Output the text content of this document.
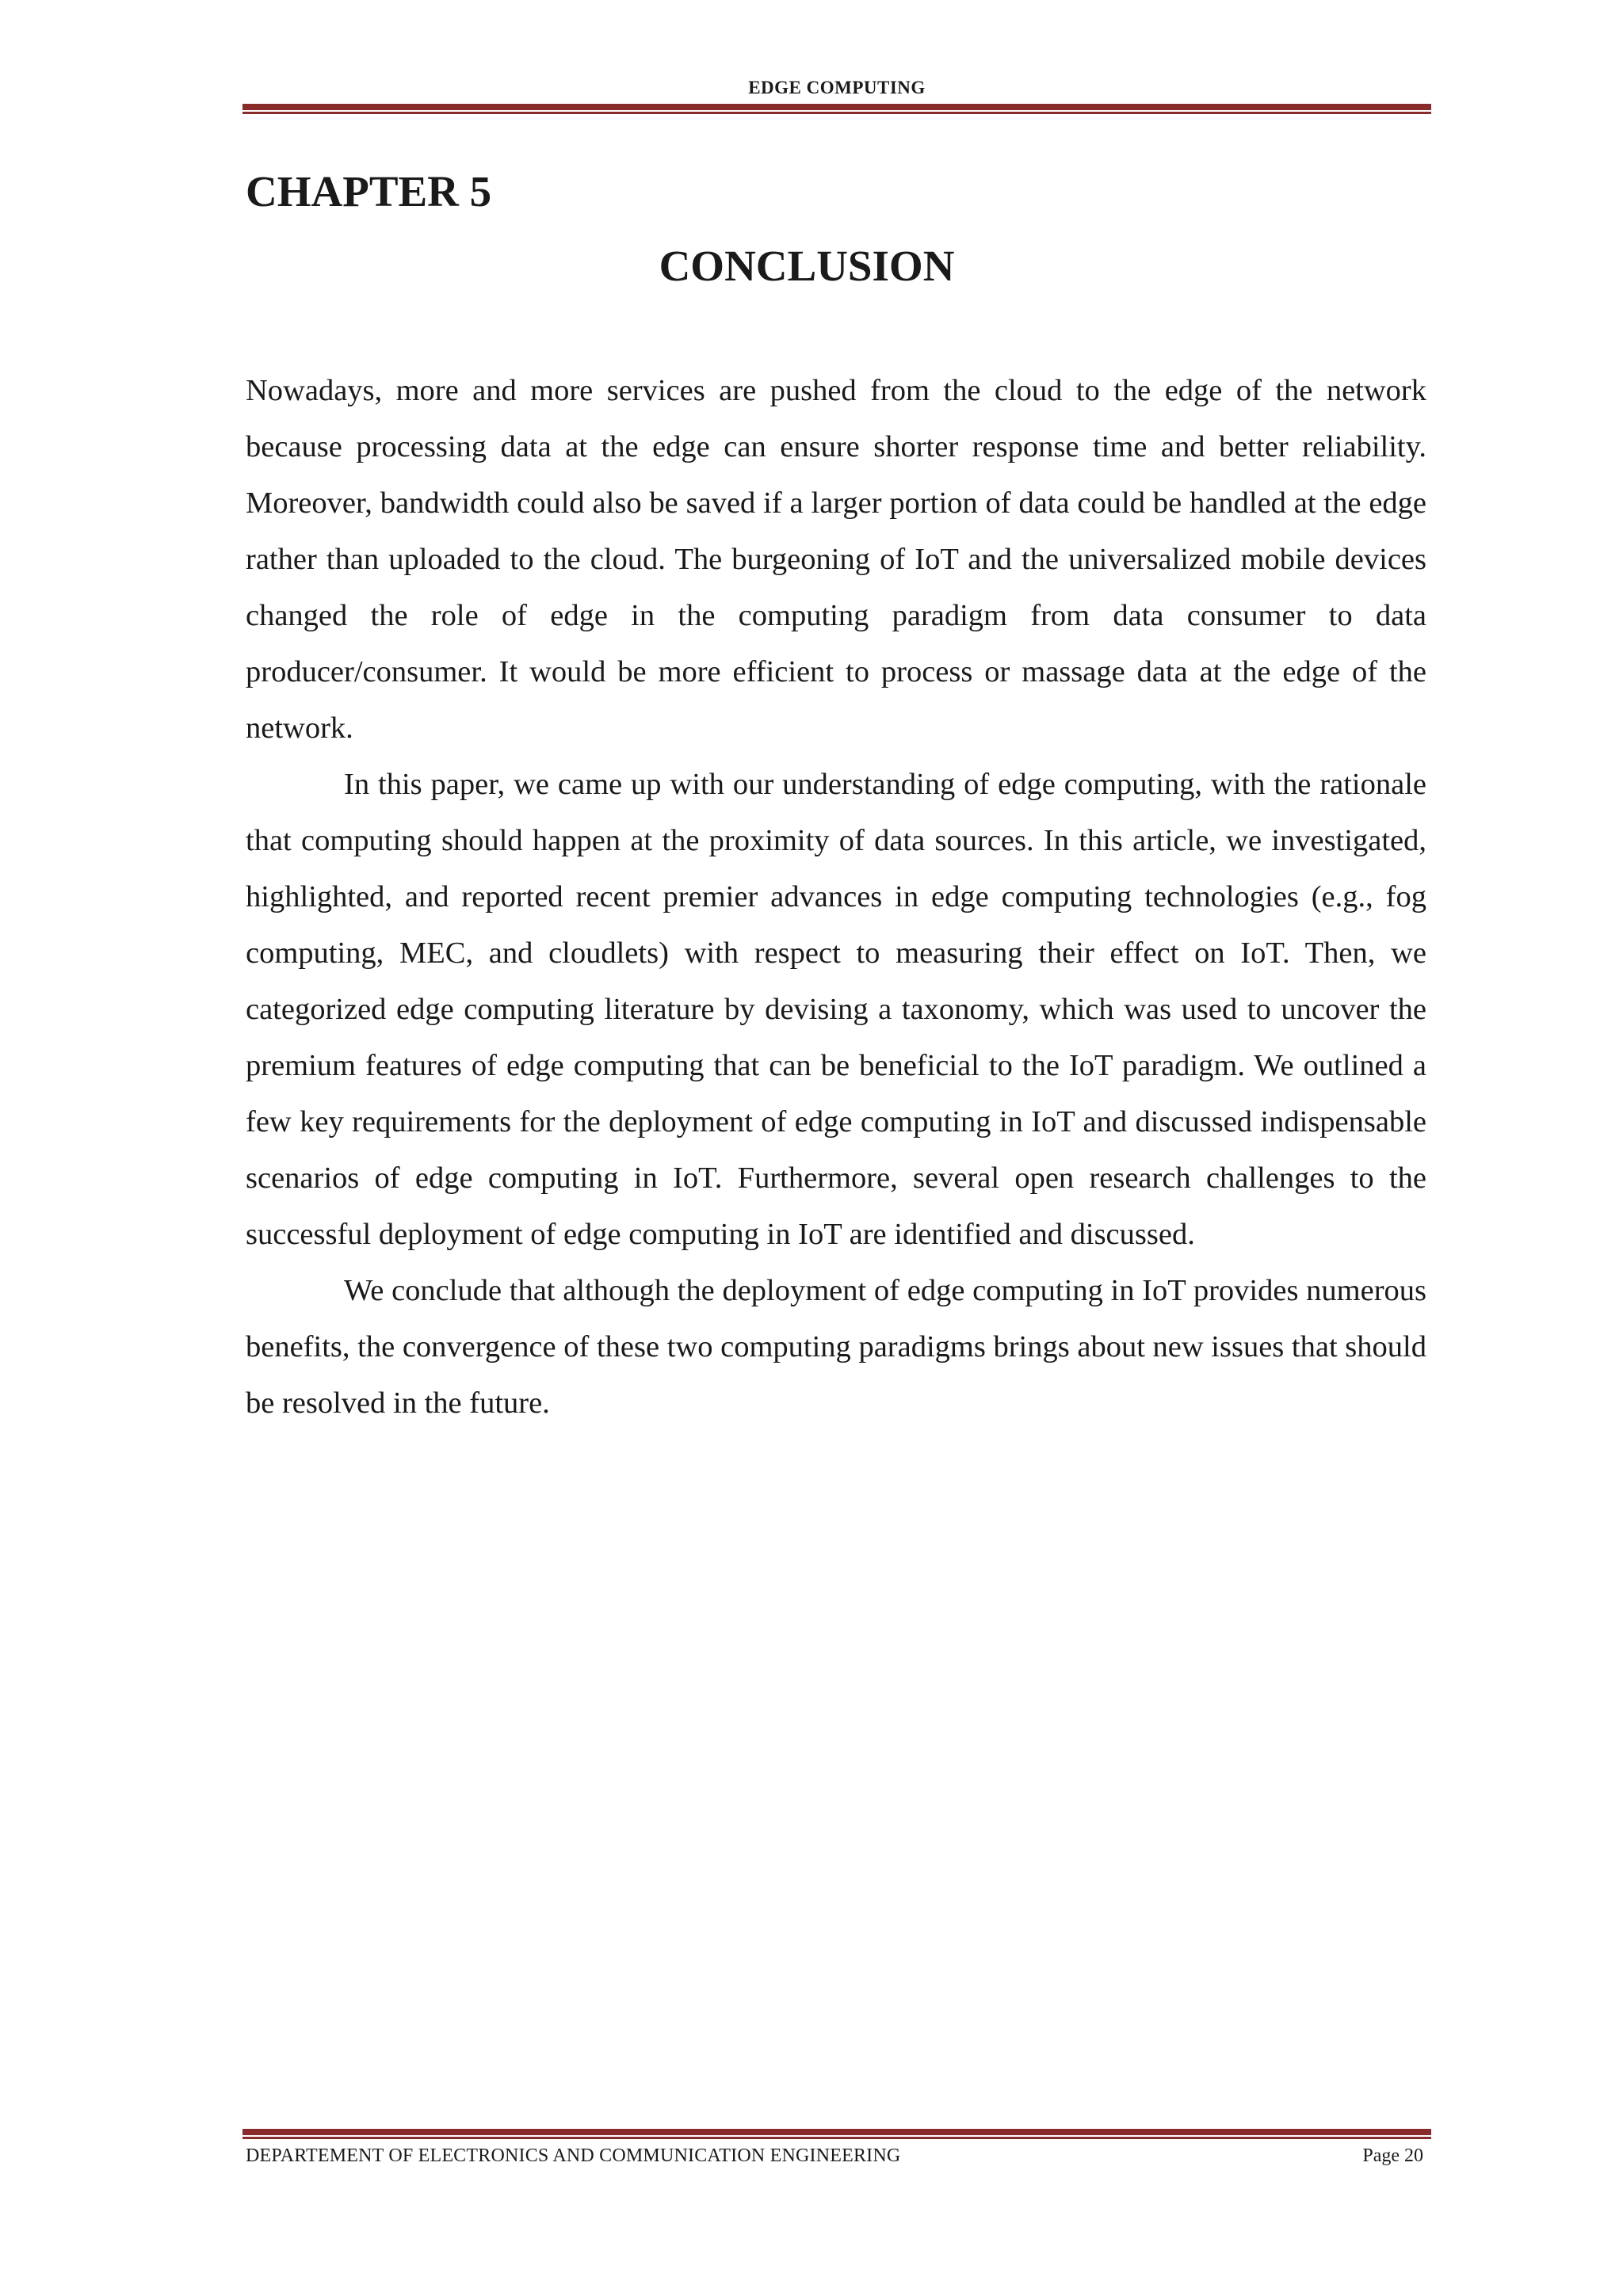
EDGE COMPUTING
CHAPTER 5
CONCLUSION

Nowadays, more and more services are pushed from the cloud to the edge of the network because processing data at the edge can ensure shorter response time and better reliability. Moreover, bandwidth could also be saved if a larger portion of data could be handled at the edge rather than uploaded to the cloud. The burgeoning of IoT and the universalized mobile devices changed the role of edge in the computing paradigm from data consumer to data producer/consumer. It would be more efficient to process or massage data at the edge of the network.

In this paper, we came up with our understanding of edge computing, with the rationale that computing should happen at the proximity of data sources. In this article, we investigated, highlighted, and reported recent premier advances in edge computing technologies (e.g., fog computing, MEC, and cloudlets) with respect to measuring their effect on IoT. Then, we categorized edge computing literature by devising a taxonomy, which was used to uncover the premium features of edge computing that can be beneficial to the IoT paradigm. We outlined a few key requirements for the deployment of edge computing in IoT and discussed indispensable scenarios of edge computing in IoT. Furthermore, several open research challenges to the successful deployment of edge computing in IoT are identified and discussed.

We conclude that although the deployment of edge computing in IoT provides numerous benefits, the convergence of these two computing paradigms brings about new issues that should be resolved in the future.

DEPARTEMENT OF ELECTRONICS AND COMMUNICATION ENGINEERING	Page 20
